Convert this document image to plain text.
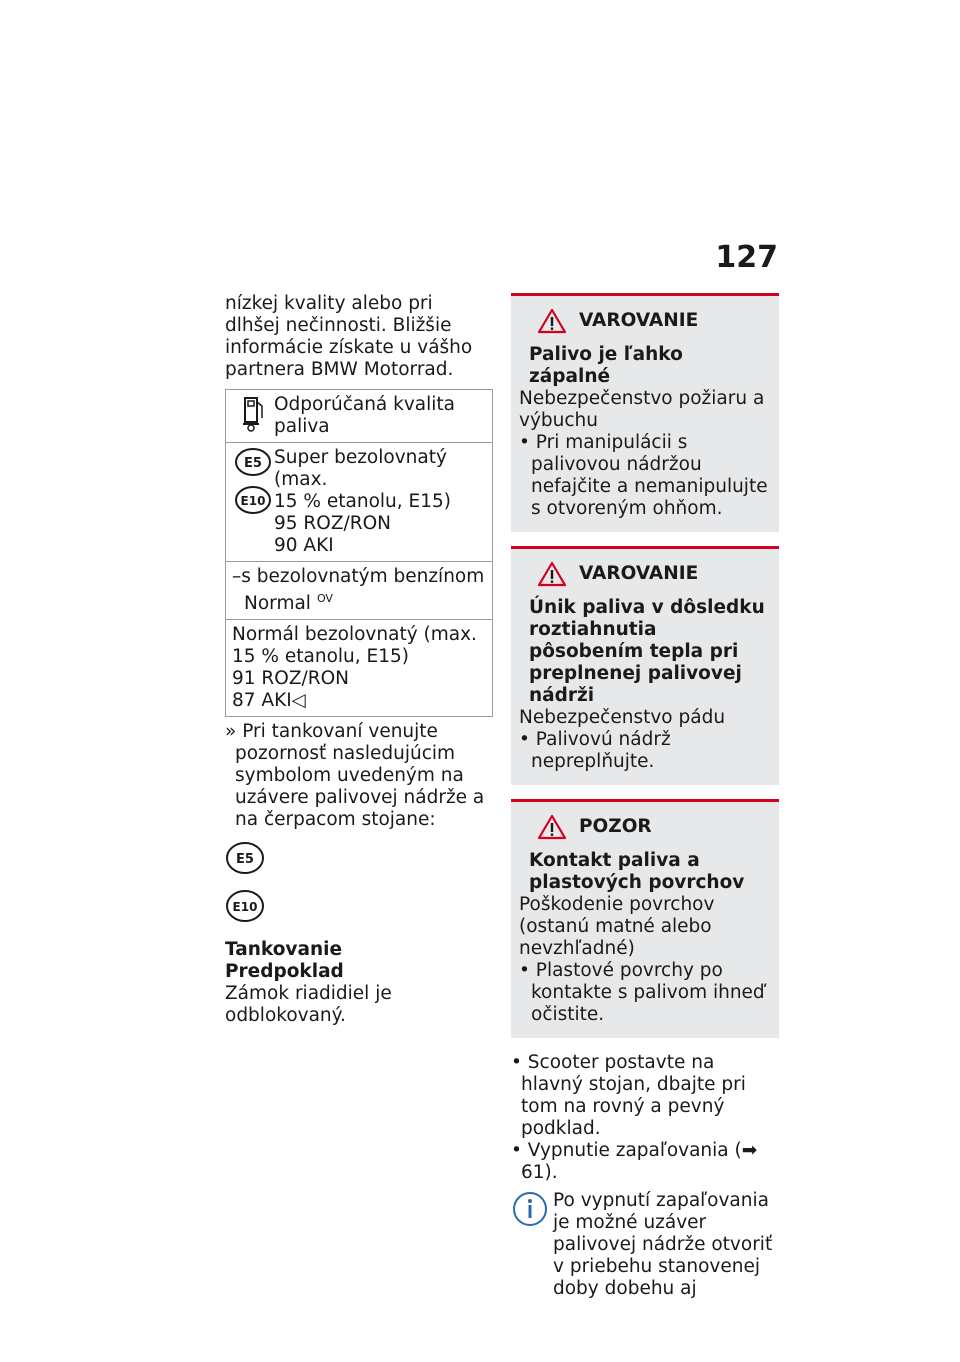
127

nízkej kvality alebo pri dlhšej nečinnosti. Bližšie informácie získate u vášho partnera BMW Motorrad.

Odporúčaná kvalita paliva
E5
E10
Super bezolovnatý (max.
15 % etanolu, E15)
95 ROZ/RON
90 AKI
–s bezolovnatým benzínom
Normal $^{OV}$
Normál bezolovnatý (max.
15 % etanolu, E15)
91 ROZ/RON
87 AKI◁

» Pri tankovaní venujte pozornosť nasledujúcim symbolom uvedeným na uzávere palivovej nádrže a na čerpacom stojane:

E5
E10

Tankovanie

Predpoklad

Zámok riadidiel je odblokovaný.

VAROVANIE
Palivo je ľahko zápalné
Nebezpečenstvo požiaru a výbuchu
• Pri manipulácii s palivovou nádržou nefajčite a nemanipulujte s otvoreným ohňom.
VAROVANIE
Únik paliva v dôsledku roztiahnutia pôsobením tepla pri preplnenej palivovej nádrži
Nebezpečenstvo pádu
• Palivovú nádrž nepreplňujte.
POZOR
Kontakt paliva a plastových povrchov
Poškodenie povrchov (ostanú matné alebo nevzhľadné)
• Plastové povrchy po kontakte s palivom ihneď očistite.
• Scooter postavte na hlavný stojan, dbajte pri tom na rovný a pevný podklad.
• Vypnutie zapaľovania (➡ 61).
Po vypnutí zapaľovania je možné uzáver palivovej nádrže otvoriť v priebehu stanovenej doby dobehu aj
